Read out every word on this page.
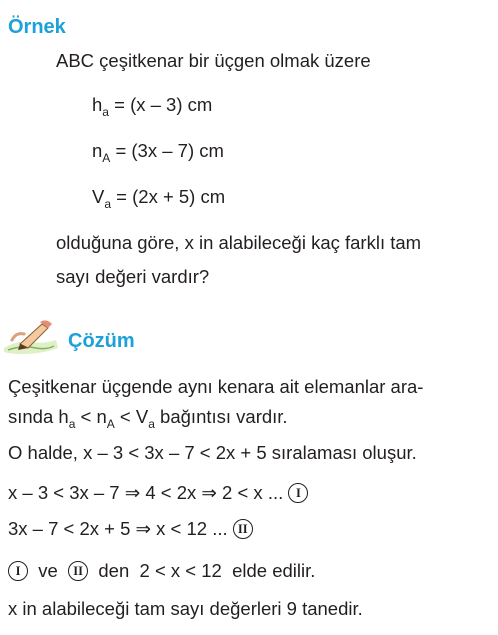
Örnek
ABC çeşitkenar bir üçgen olmak üzere
$h_a = (x - 3)$ cm
$n_A = (3x - 7)$ cm
$V_a = (2x + 5)$ cm
olduğuna göre, x in alabileceği kaç farklı tam
sayı değeri vardır?
Çözüm
Çeşitkenar üçgende aynı kenara ait elemanlar ara-
sında $h_a < n_A < V_a$ bağıntısı vardır.
O halde, x – 3 < 3x – 7 < 2x + 5 sıralaması oluşur.
x – 3 < 3x – 7 ⇒ 4 < 2x ⇒ 2 < x ... I
3x – 7 < 2x + 5 ⇒ x < 12 ... II
I  ve  II  den  2 < x < 12  elde edilir.
x in alabileceği tam sayı değerleri 9 tanedir.
